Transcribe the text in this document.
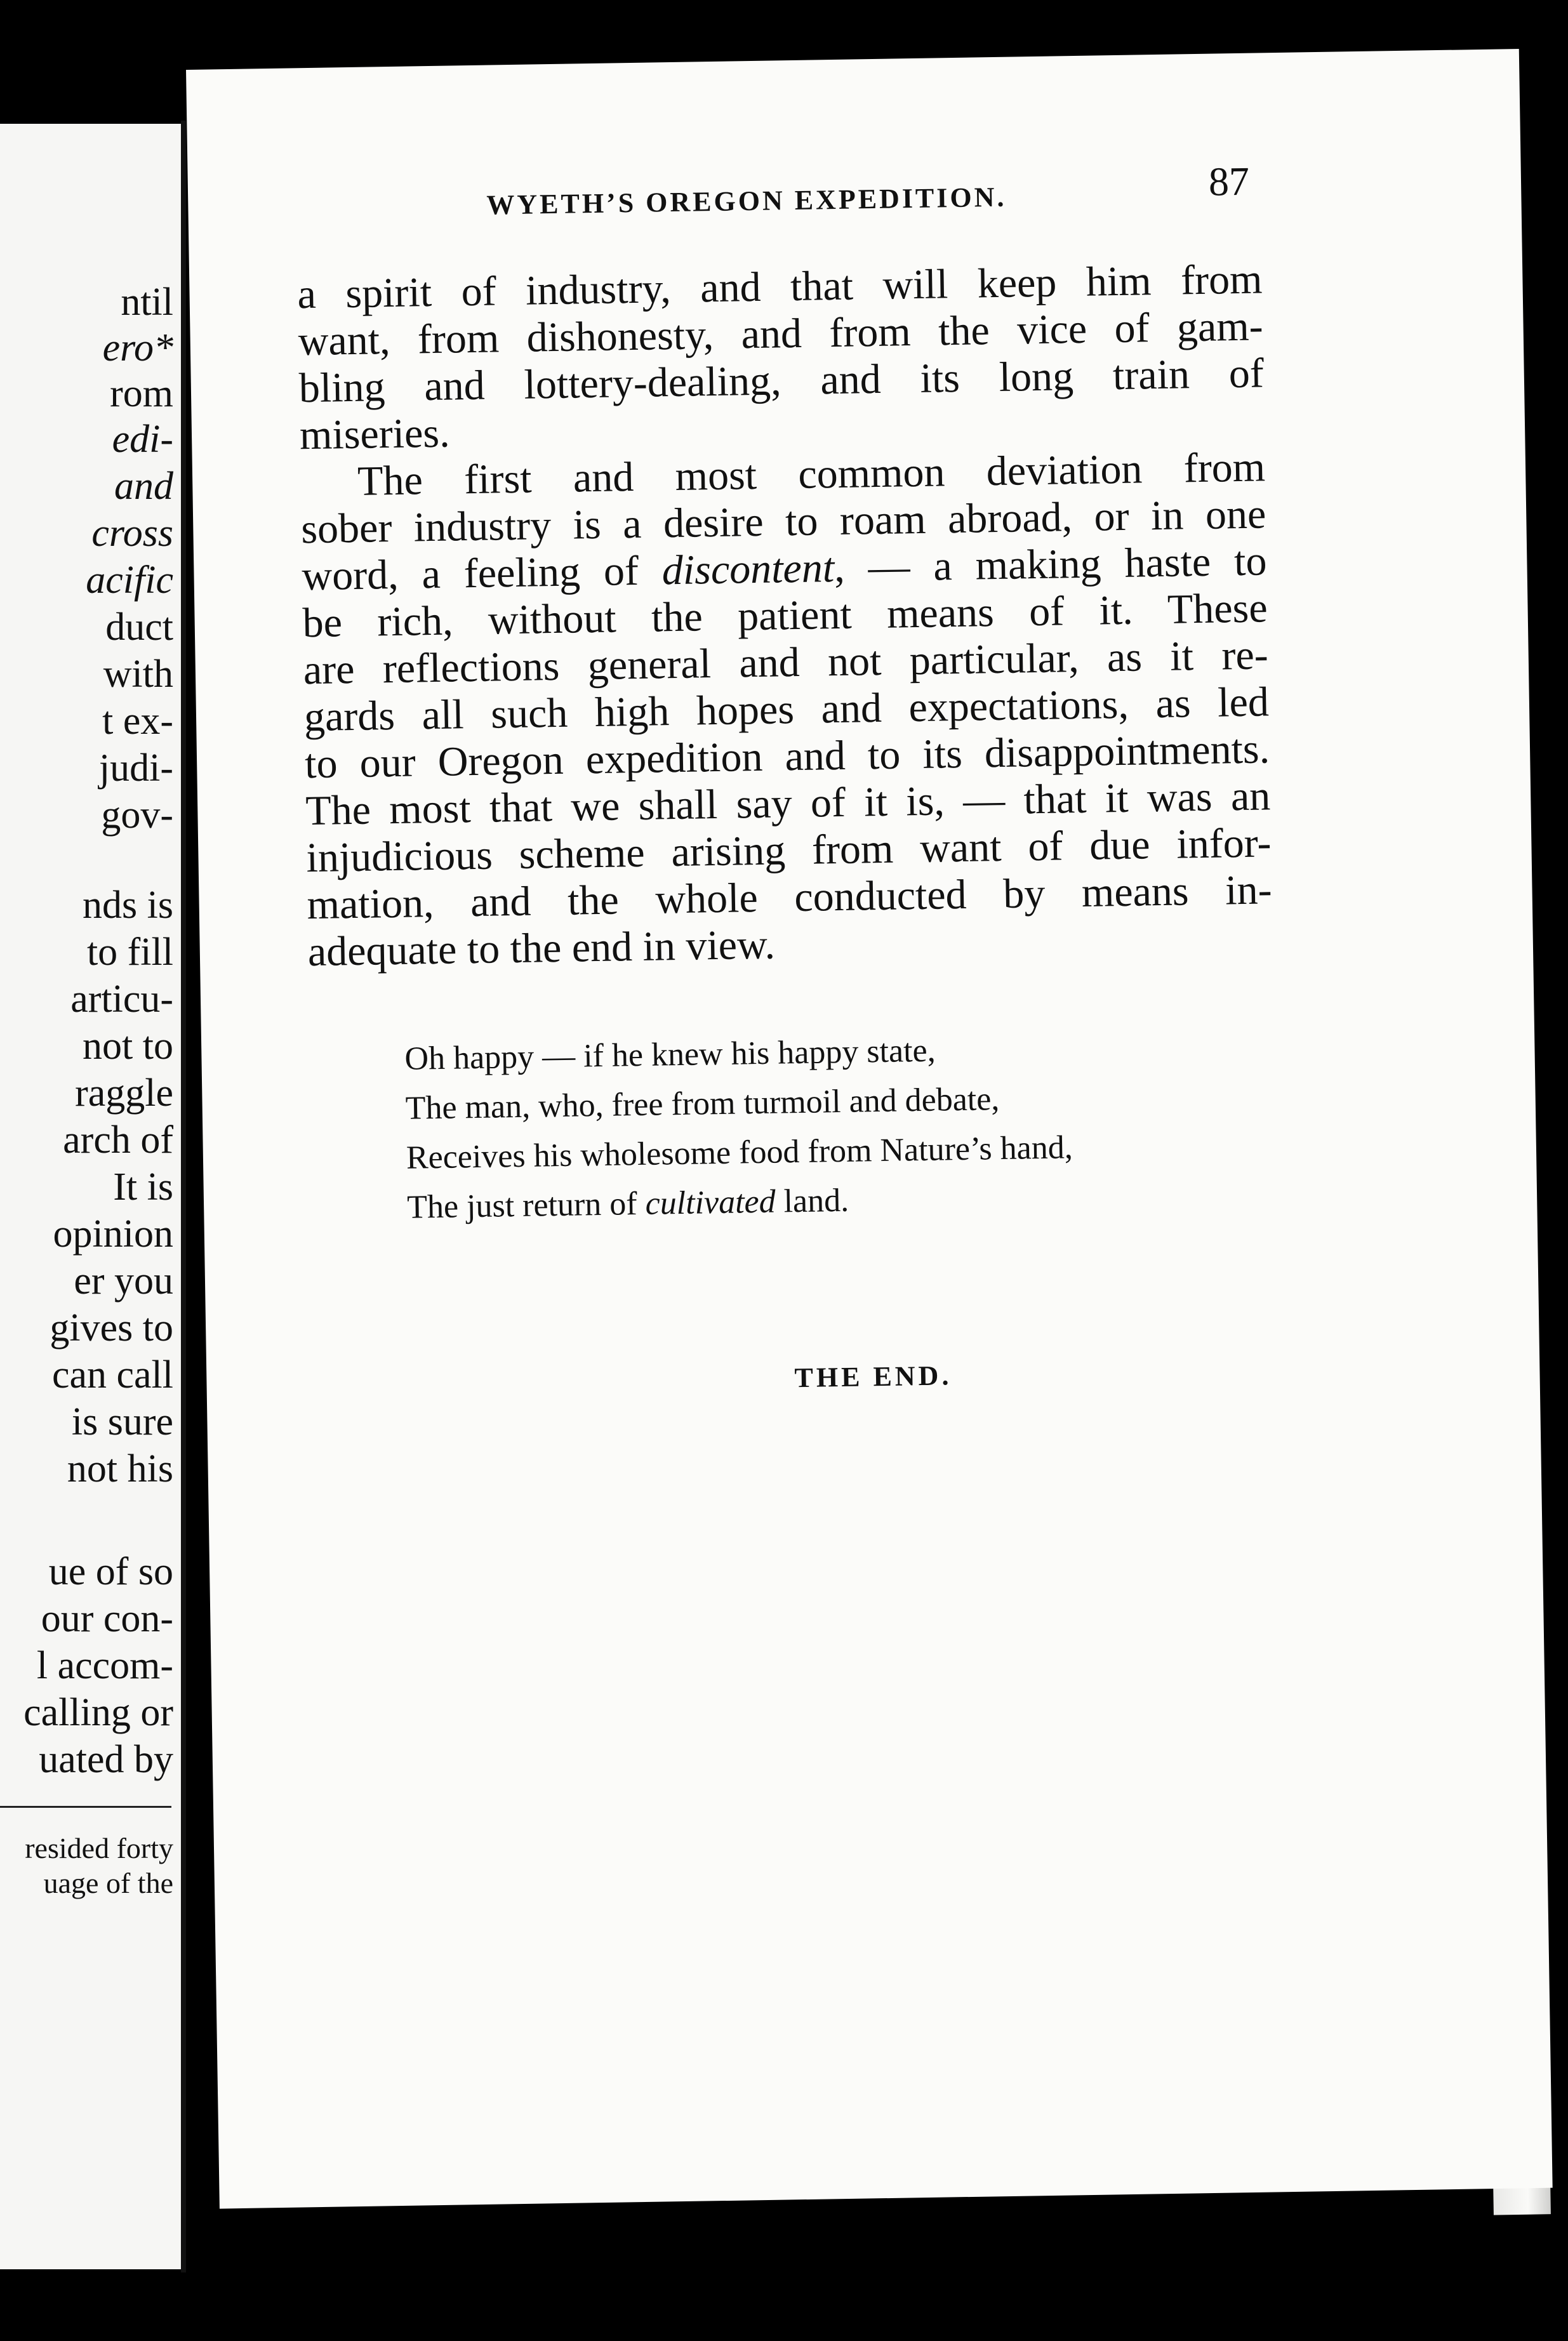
ntil
ero*
rom
edi-
and
cross
acific
duct
with
t ex-
judi-
gov-
nds is
to fill
articu-
not to
raggle
arch of
It is
opinion
er you
gives to
can call
is sure
not his
ue of so
our con-
l accom-
calling or
uated by
resided forty
uage of the
WYETH’S OREGON EXPEDITION.	87
a spirit of industry, and that will keep him from
want, from dishonesty, and from the vice of gam-
bling and lottery-dealing, and its long train of
miseries.
The first and most common deviation from
sober industry is a desire to roam abroad, or in one
word, a feeling of discontent, — a making haste to
be rich, without the patient means of it. These
are reflections general and not particular, as it re-
gards all such high hopes and expectations, as led
to our Oregon expedition and to its disappointments.
The most that we shall say of it is, — that it was an
injudicious scheme arising from want of due infor-
mation, and the whole conducted by means in-
adequate to the end in view.
Oh happy — if he knew his happy state,
The man, who, free from turmoil and debate,
Receives his wholesome food from Nature’s hand,
The just return of cultivated land.
THE END.
